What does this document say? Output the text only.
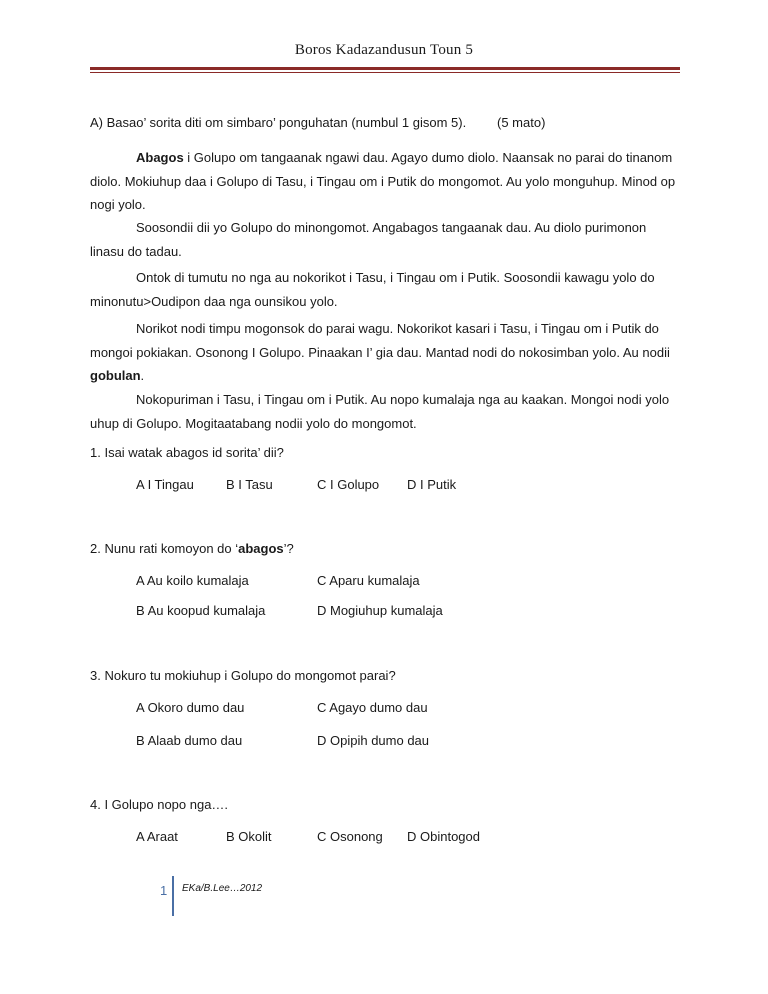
Boros Kadazandusun Toun 5
A) Basao’ sorita diti om simbaro’ ponguhatan (numbul 1 gisom 5). (5 mato)

Abagos i Golupo om tangaanak ngawi dau. Agayo dumo diolo. Naansak no parai do tinanom diolo. Mokiuhup daa i Golupo di Tasu, i Tingau om i Putik do mongomot. Au yolo monguhup. Minod op nogi yolo.

Soosondii dii yo Golupo do minongomot. Angabagos tangaanak dau. Au diolo purimonon linasu do tadau.

Ontok di tumutu no nga au nokorikot i Tasu, i Tingau om i Putik. Soosondii kawagu yolo do minonutu>Oudipon daa nga ounsikou yolo.

Norikot nodi timpu mogonsok do parai wagu. Nokorikot kasari i Tasu, i Tingau om i Putik do mongoi pokiakan. Osonong I Golupo. Pinaakan I’ gia dau. Mantad nodi do nokosimban yolo. Au nodii gobulan.

Nokopuriman i Tasu, i Tingau om i Putik. Au nopo kumalaja nga au kaakan. Mongoi nodi yolo uhup di Golupo. Mogitaatabang nodii yolo do mongomot.

1. Isai watak abagos id sorita’ dii?
A I Tingau B I Tasu	C I Golupo D I Putik
2. Nunu rati komoyon do ‘abagos’?
A Au koilo kumalaja	C Aparu kumalaja
B Au koopud kumalaja	D Mogiuhup kumalaja
3. Nokuro tu mokiuhup i Golupo do mongomot parai?
A Okoro dumo dau	C Agayo dumo dau
B Alaab dumo dau	D Opipih dumo dau
4. I Golupo nopo nga….
A Araat	B Okolit	C Osonong D Obintogod
1 EKa/B.Lee…2012
